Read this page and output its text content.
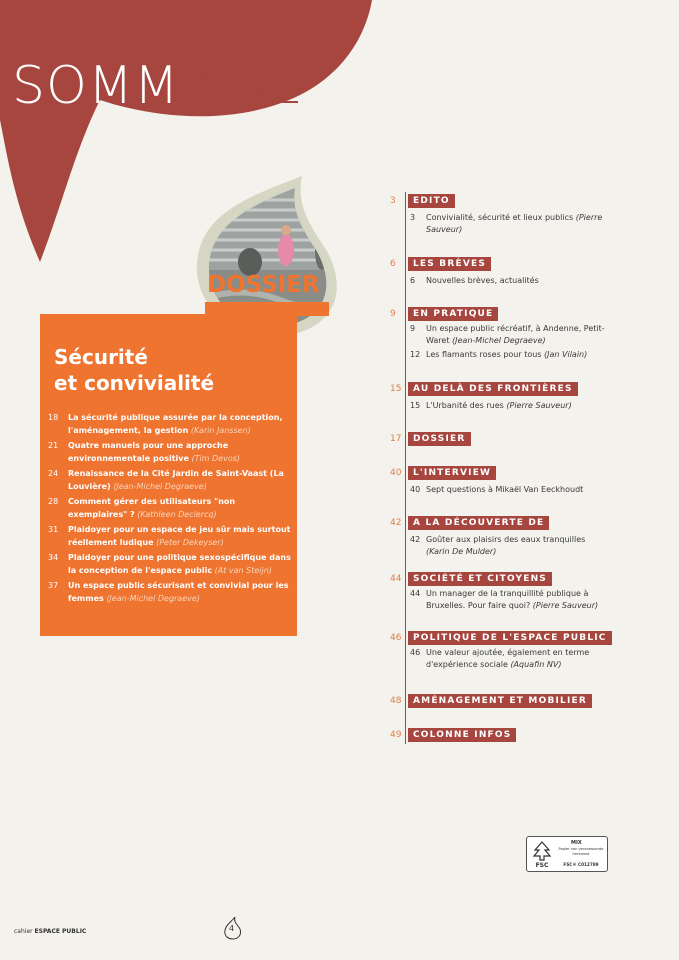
SOMMAIRE
Sécurité
et convivialité
18	La sécurité publique assurée par la conception, l'aménagement, la gestion (Karin Janssen)
21	Quatre manuels pour une approche environnementale positive (Tim Devos)
24	Renaissance de la Cité Jardin de Saint-Vaast (La Louvière) (Jean-Michel Degraeve)
28	Comment gérer des utilisateurs "non exemplaires" ? (Kathleen Declercq)
31	Plaidoyer pour un espace de jeu sûr mais surtout réellement ludique (Peter Dekeyser)
34	Plaidoyer pour une politique sexospécifique dans la conception de l'espace public (At van Steijn)
37	Un espace public sécurisant et convivial pour les femmes (Jean-Michel Degraeve)
DOSSIER
3	EDITO
3 Convivialité, sécurité et lieux publics (Pierre Sauveur)
6	LES BRÈVES
6 Nouvelles brèves, actualités
9	EN PRATIQUE
9 Un espace public récréatif, à Andenne, Petit-Waret (Jean-Michel Degraeve)
12 Les flamants roses pour tous (Jan Vilain)
15	AU DELÀ DES FRONTIÈRES
15 L'Urbanité des rues (Pierre Sauveur)
17	DOSSIER
40	L'INTERVIEW
40 Sept questions à Mikaël Van Eeckhoudt
42	A LA DÉCOUVERTE DE
42 Goûter aux plaisirs des eaux tranquilles (Karin De Mulder)
44	SOCIÉTÉ ET CITOYENS
44 Un manager de la tranquillité publique à Bruxelles. Pour faire quoi? (Pierre Sauveur)
46	POLITIQUE DE L'ESPACE PUBLIC
46 Une valeur ajoutée, également en terme d'expérience sociale (Aquafin NV)
48	AMÉNAGEMENT ET MOBILIER
49	COLONNE INFOS
FSC
MIX
Papier van verantwoorde herkomst
FSC® C012789
cahier ESPACE PUBLIC	4
